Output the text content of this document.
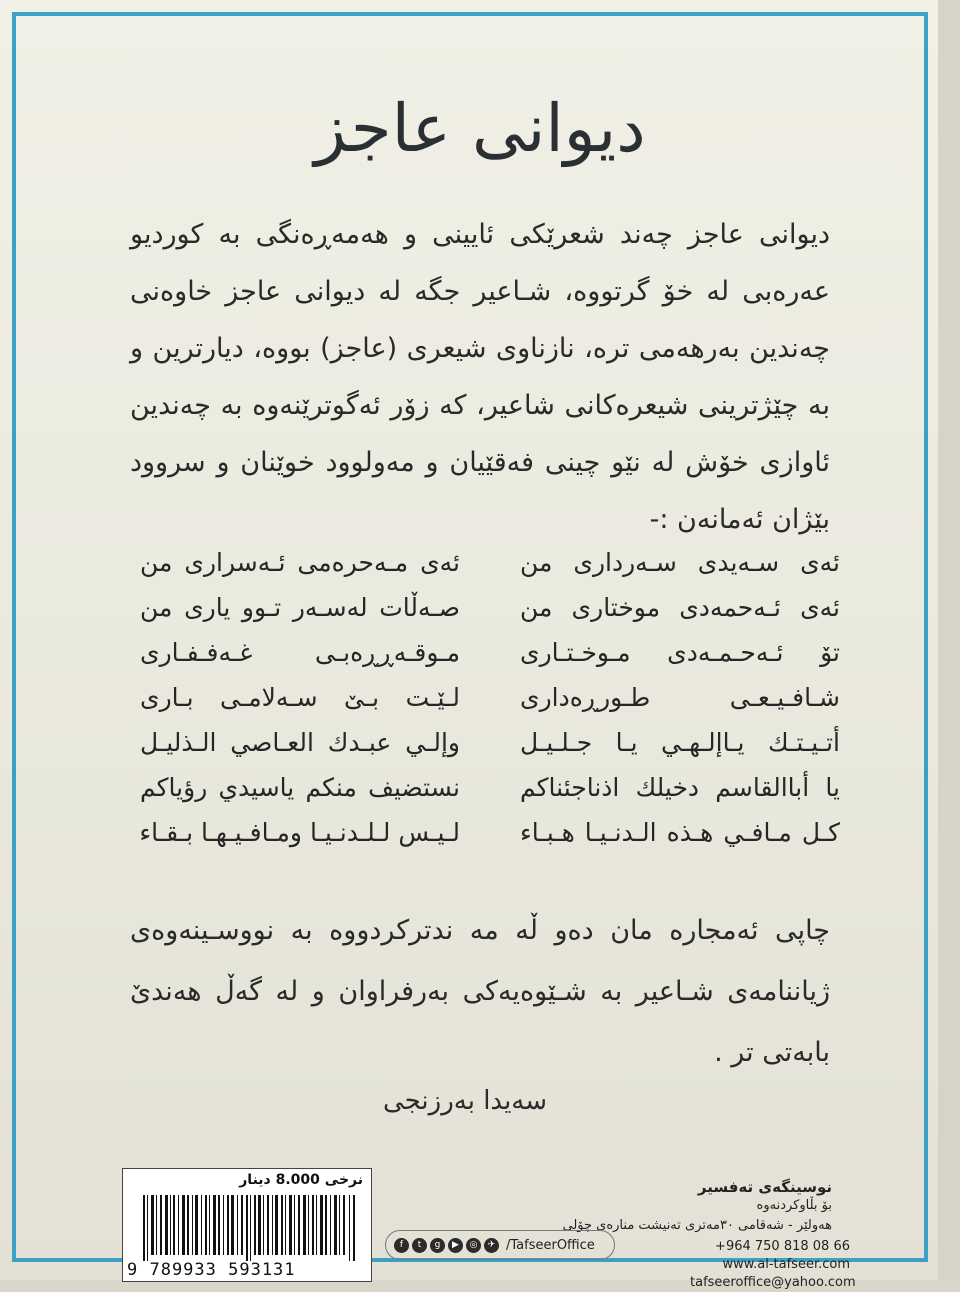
دیوانی عاجز
دیوانی عاجز چەند شعرێکی ئایینی و هەمەڕەنگی بە کوردیو
عەرەبی لە خۆ گرتووە، شـاعیر جگە لە دیوانی عاجز خاوەنی
چەندین بەرهەمی ترە، نازناوی شیعری (عاجز) بووە، دیارترین و
بە چێژترینی شیعرەکانی شاعیر، کە زۆر ئەگوترێنەوە بە چەندین
ئاوازی خۆش لە نێو چینی فەقێیان و مەولوود خوێنان و سروود
بێژان ئەمانەن :-
ئەی سـەیدی سـەرداری من
ئەی مـەحرەمی ئـەسراری من
ئەی ئـەحمەدی موختاری من
صـەڵات لەسـەر تـوو یاری من
تۆ ئـەحـمـەدی مـوخـتـاری
مـوقـەڕڕەبـی غـەفـفـاری
شـافـیـعـی طـورڕەداری
لـێـت بـێ سـەلامـی بـاری
أتـيـتـك يـاإلـهـي يـا جـلـيـل
وإلـي عبـدك العـاصي الـذليـل
يا أباالقاسم دخيلك اذناجئناكم
نستضيف منكم ياسيدي رؤياكم
كـل مـافـي هـذه الـدنـيـا هـبـاء
لـيـس لـلـدنـيـا ومـافـيـهـا بـقـاء
چاپی ئەمجارە مان دەو ڵە مە ندترکردووە بە نووسـینەوەی
ژیاننامەی شـاعیر بە شـێوەیەکی بەرفراوان و لە گەڵ هەندێ
بابەتی تر .
سەیدا بەرزنجی
نرخی 8.000 دینار
9 789933 593131
نوسینگەی تەفسیر
بۆ بڵاوکردنەوە
هەولێر - شەقامی ٣٠مەتری تەنیشت منارەی چۆلی
f	t	g	▶	◎	✈ /TafseerOffice	+964 750 818 08 66
www.al-tafseer.com
tafseeroffice@yahoo.com
